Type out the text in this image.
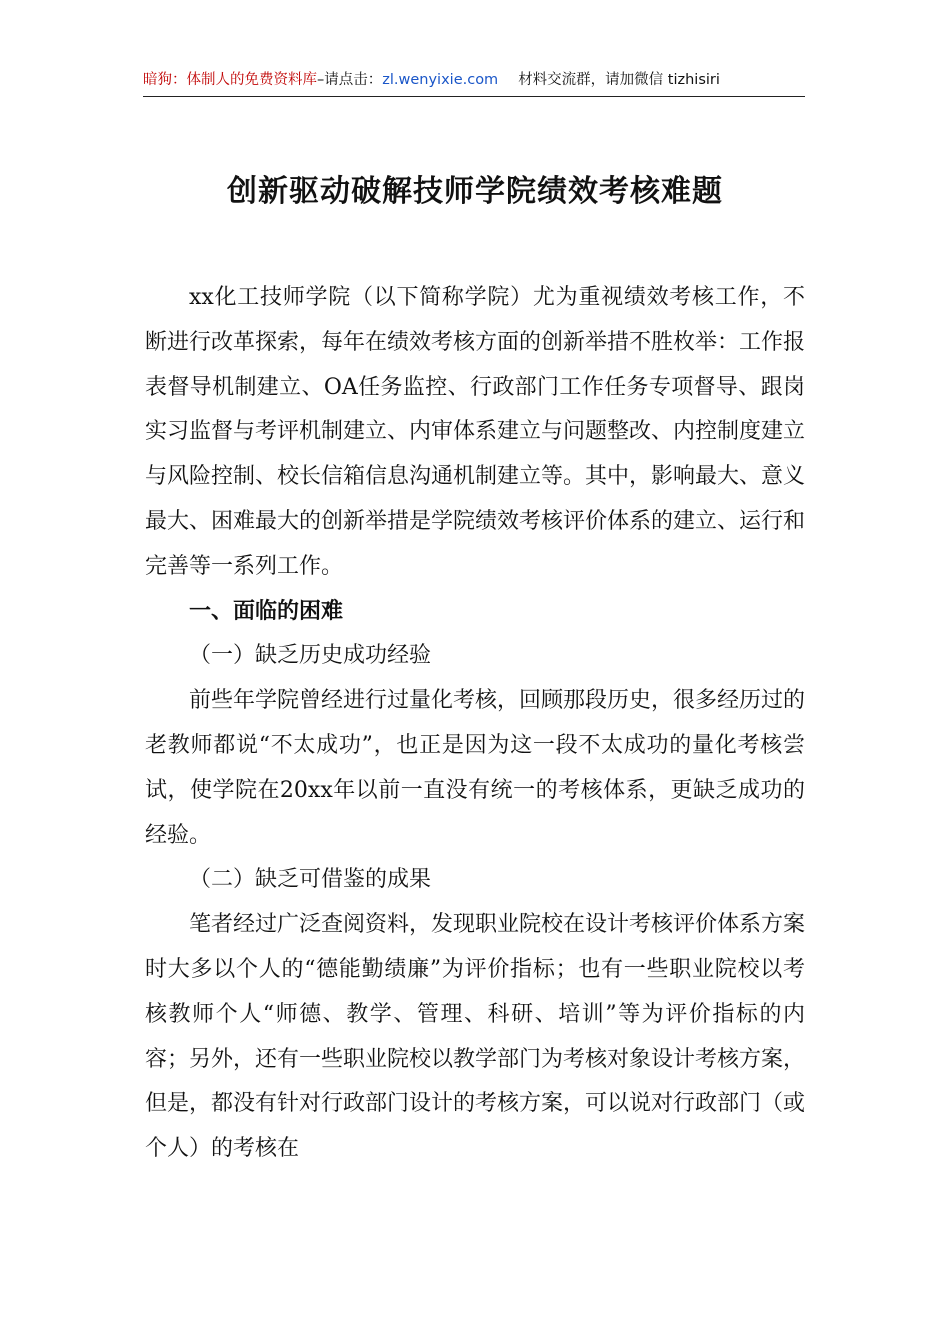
暗狗：体制人的免费资料库–请点击：zl.wenyixie.com 材料交流群，请加微信 tizhisiri
创新驱动破解技师学院绩效考核难题

xx化工技师学院（以下简称学院）尤为重视绩效考核工作，不断进行改革探索，每年在绩效考核方面的创新举措不胜枚举：工作报表督导机制建立、OA任务监控、行政部门工作任务专项督导、跟岗实习监督与考评机制建立、内审体系建立与问题整改、内控制度建立与风险控制、校长信箱信息沟通机制建立等。其中，影响最大、意义最大、困难最大的创新举措是学院绩效考核评价体系的建立、运行和完善等一系列工作。

一、面临的困难

（一）缺乏历史成功经验

前些年学院曾经进行过量化考核，回顾那段历史，很多经历过的老教师都说“不太成功”，也正是因为这一段不太成功的量化考核尝试，使学院在20xx年以前一直没有统一的考核体系，更缺乏成功的经验。

（二）缺乏可借鉴的成果

笔者经过广泛查阅资料，发现职业院校在设计考核评价体系方案时大多以个人的“德能勤绩廉”为评价指标；也有一些职业院校以考核教师个人“师德、教学、管理、科研、培训”等为评价指标的内容；另外，还有一些职业院校以教学部门为考核对象设计考核方案，但是，都没有针对行政部门设计的考核方案，可以说对行政部门（或个人）的考核在
